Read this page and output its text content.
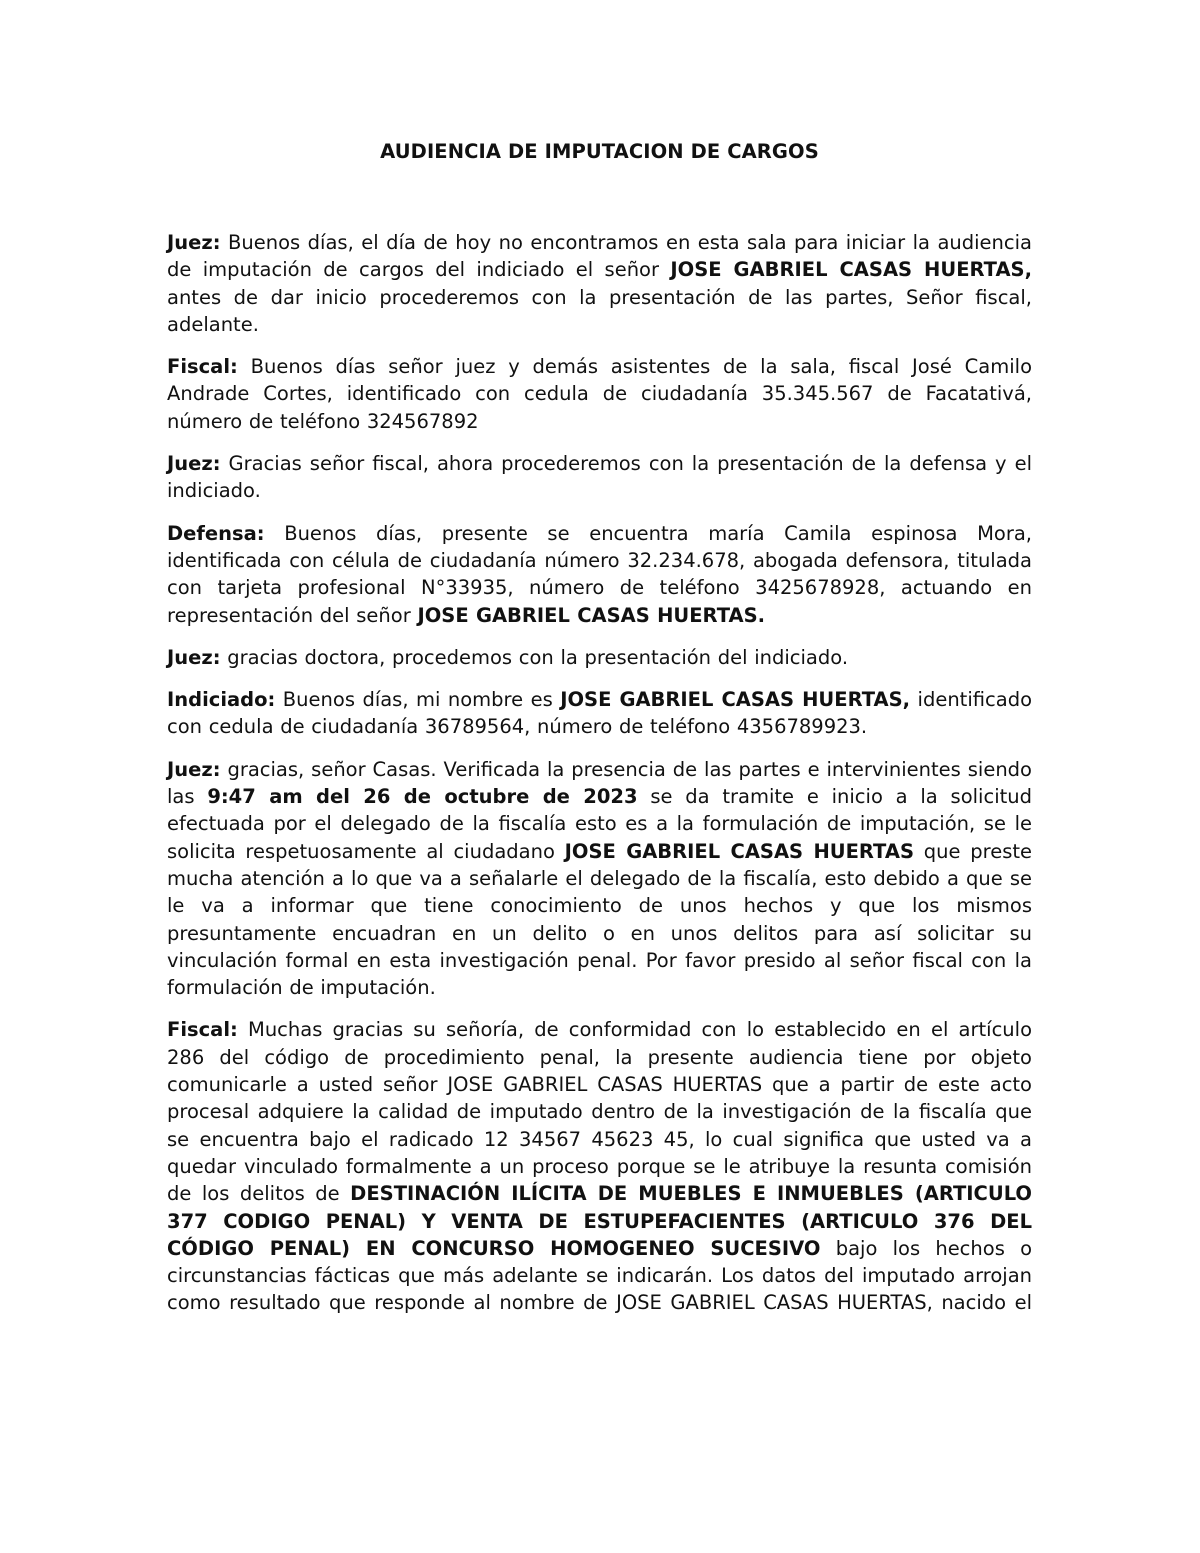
AUDIENCIA DE IMPUTACION DE CARGOS

Juez: Buenos días, el día de hoy no encontramos en esta sala para iniciar la audiencia de imputación de cargos del indiciado el señor JOSE GABRIEL CASAS HUERTAS, antes de dar inicio procederemos con la presentación de las partes, Señor fiscal, adelante.

Fiscal: Buenos días señor juez y demás asistentes de la sala, fiscal José Camilo Andrade Cortes, identificado con cedula de ciudadanía 35.345.567 de Facatativá, número de teléfono 324567892

Juez: Gracias señor fiscal, ahora procederemos con la presentación de la defensa y el indiciado.

Defensa: Buenos días, presente se encuentra maría Camila espinosa Mora, identificada con célula de ciudadanía número 32.234.678, abogada defensora, titulada con tarjeta profesional N°33935, número de teléfono 3425678928, actuando en representación del señor JOSE GABRIEL CASAS HUERTAS.

Juez: gracias doctora, procedemos con la presentación del indiciado.

Indiciado: Buenos días, mi nombre es JOSE GABRIEL CASAS HUERTAS, identificado con cedula de ciudadanía 36789564, número de teléfono 4356789923.

Juez: gracias, señor Casas. Verificada la presencia de las partes e intervinientes siendo las 9:47 am del 26 de octubre de 2023 se da tramite e inicio a la solicitud efectuada por el delegado de la fiscalía esto es a la formulación de imputación, se le solicita respetuosamente al ciudadano JOSE GABRIEL CASAS HUERTAS que preste mucha atención a lo que va a señalarle el delegado de la fiscalía, esto debido a que se le va a informar que tiene conocimiento de unos hechos y que los mismos presuntamente encuadran en un delito o en unos delitos para así solicitar su vinculación formal en esta investigación penal. Por favor presido al señor fiscal con la formulación de imputación.

Fiscal: Muchas gracias su señoría, de conformidad con lo establecido en el artículo 286 del código de procedimiento penal, la presente audiencia tiene por objeto comunicarle a usted señor JOSE GABRIEL CASAS HUERTAS que a partir de este acto procesal adquiere la calidad de imputado dentro de la investigación de la fiscalía que se encuentra bajo el radicado 12 34567 45623 45, lo cual significa que usted va a quedar vinculado formalmente a un proceso porque se le atribuye la resunta comisión de los delitos de DESTINACIÓN ILÍCITA DE MUEBLES E INMUEBLES (ARTICULO 377 CODIGO PENAL) Y VENTA DE ESTUPEFACIENTES (ARTICULO 376 DEL CÓDIGO PENAL) EN CONCURSO HOMOGENEO SUCESIVO bajo los hechos o circunstancias fácticas que más adelante se indicarán. Los datos del imputado arrojan como resultado que responde al nombre de JOSE GABRIEL CASAS HUERTAS, nacido el
